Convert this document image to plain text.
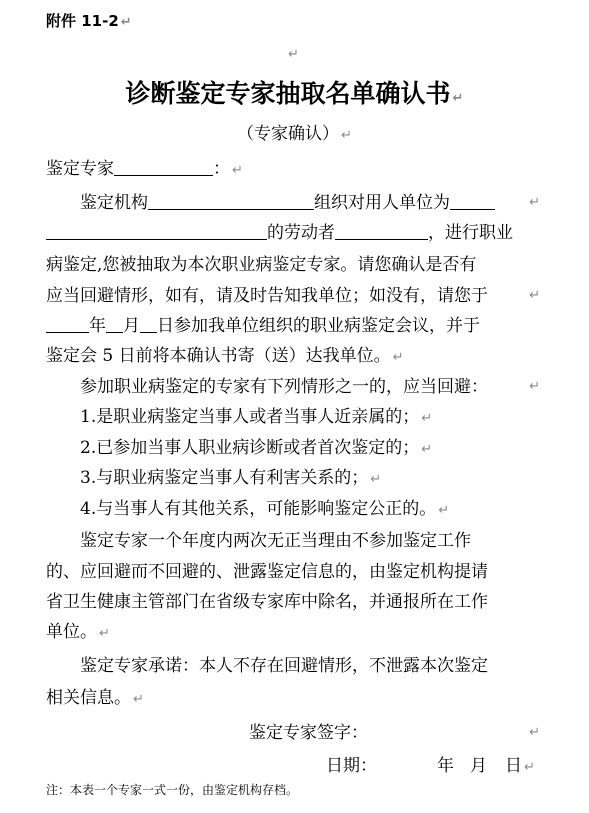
附件 11-2 ↵
↵
诊断鉴定专家抽取名单确认书 ↵
（专家确认） ↵
鉴定专家	： ↵
鉴定机构	组织对用人单位为	↵
的劳动者	，进行职业
病鉴定,您被抽取为本次职业病鉴定专家。请您确认是否有
应当回避情形，如有，请及时告知我单位；如没有，请您于	↵
年 月 日参加我单位组织的职业病鉴定会议，并于
鉴定会 5 日前将本确认书寄（送）达我单位。 ↵
参加职业病鉴定的专家有下列情形之一的，应当回避：	↵
1.是职业病鉴定当事人或者当事人近亲属的； ↵
2.已参加当事人职业病诊断或者首次鉴定的； ↵
3.与职业病鉴定当事人有利害关系的； ↵
4.与当事人有其他关系，可能影响鉴定公正的。 ↵
鉴定专家一个年度内两次无正当理由不参加鉴定工作
的、应回避而不回避的、泄露鉴定信息的，由鉴定机构提请
省卫生健康主管部门在省级专家库中除名，并通报所在工作
单位。 ↵
鉴定专家承诺：本人不存在回避情形，不泄露本次鉴定
相关信息。 ↵
鉴定专家签字：	↵
日期：	年 月 日 ↵
注：本表一个专家一式一份，由鉴定机构存档。
